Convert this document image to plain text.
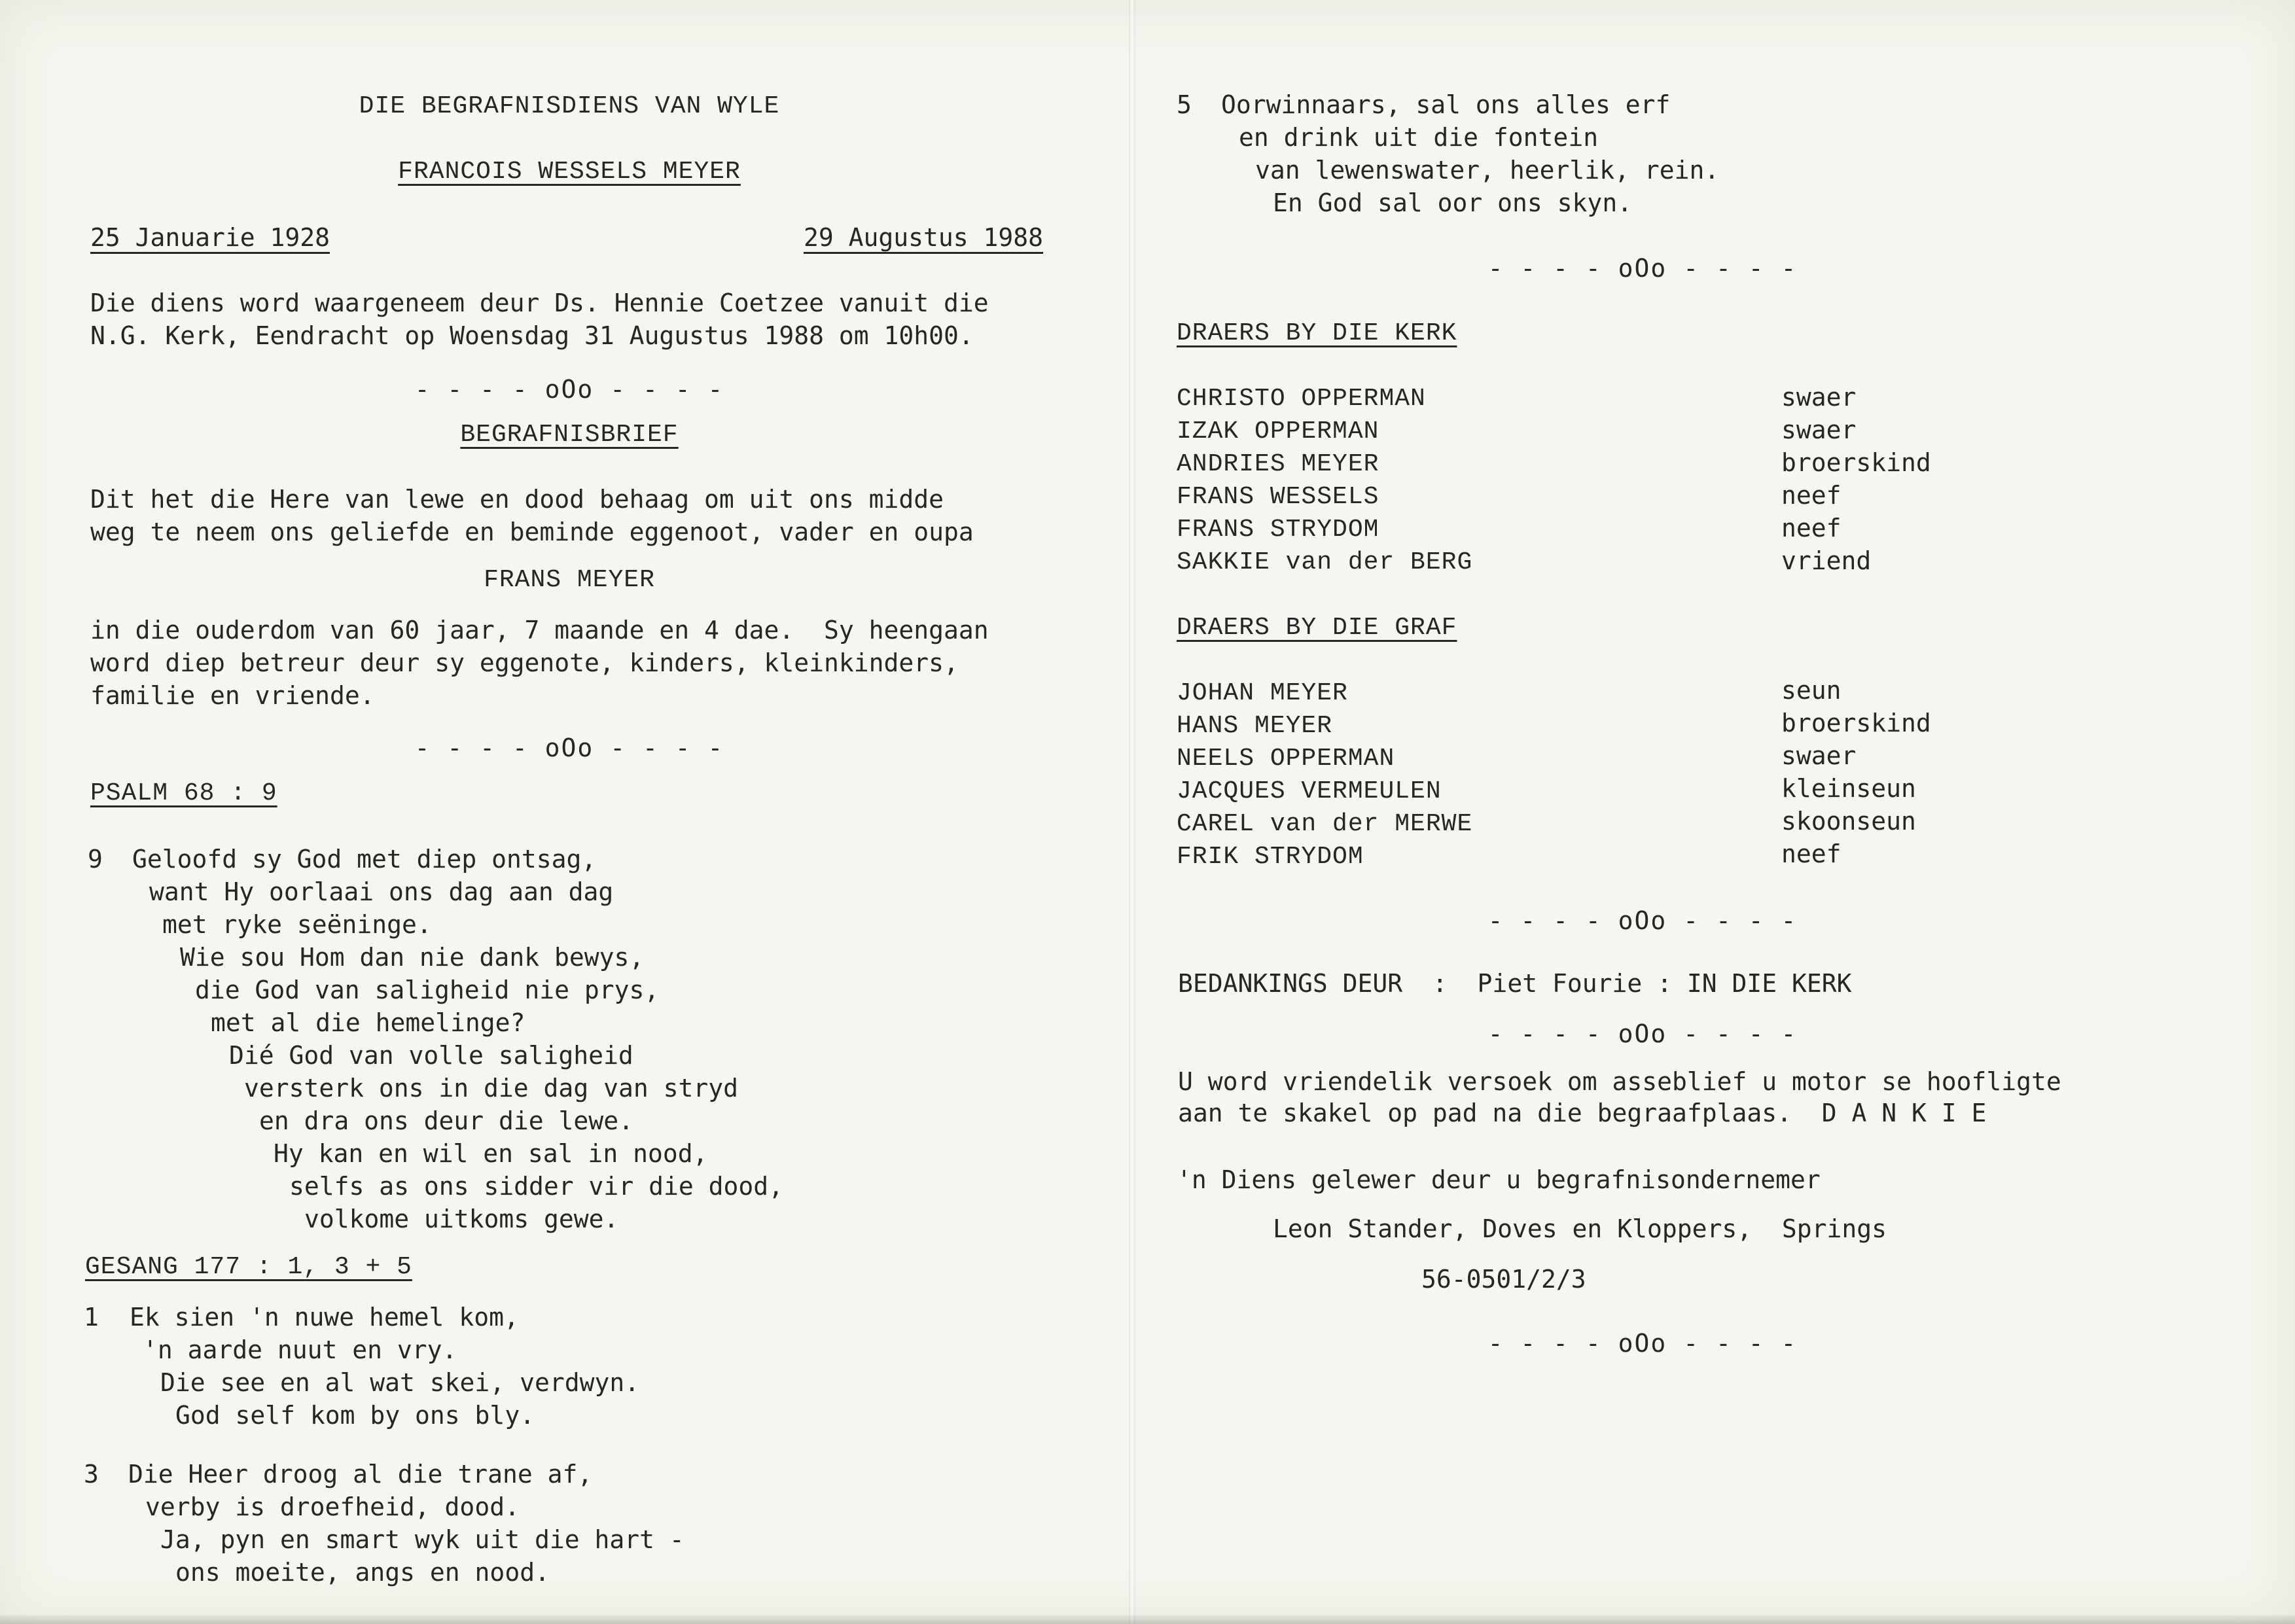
DIE BEGRAFNISDIENS VAN WYLE
FRANCOIS WESSELS MEYER
25 Januarie 1928	29 Augustus 1988
Die diens word waargeneem deur Ds. Hennie Coetzee vanuit die
N.G. Kerk, Eendracht op Woensdag 31 Augustus 1988 om 10h00.
- - - - oOo - - - -
BEGRAFNISBRIEF
Dit het die Here van lewe en dood behaag om uit ons midde
weg te neem ons geliefde en beminde eggenoot, vader en oupa
FRANS MEYER
in die ouderdom van 60 jaar, 7 maande en 4 dae.  Sy heengaan
word diep betreur deur sy eggenote, kinders, kleinkinders,
familie en vriende.
- - - - oOo - - - -
PSALM 68 : 9
9 Geloofd sy God met diep ontsag,
want Hy oorlaai ons dag aan dag
met ryke seëninge.
Wie sou Hom dan nie dank bewys,
die God van saligheid nie prys,
met al die hemelinge?
Dié God van volle saligheid
versterk ons in die dag van stryd
en dra ons deur die lewe.
Hy kan en wil en sal in nood,
selfs as ons sidder vir die dood,
volkome uitkoms gewe.
GESANG 177 : 1, 3 + 5
1 Ek sien 'n nuwe hemel kom,
'n aarde nuut en vry.
Die see en al wat skei, verdwyn.
God self kom by ons bly.
3 Die Heer droog al die trane af,
verby is droefheid, dood.
Ja, pyn en smart wyk uit die hart -
ons moeite, angs en nood.
5 Oorwinnaars, sal ons alles erf
en drink uit die fontein
van lewenswater, heerlik, rein.
En God sal oor ons skyn.
- - - - oOo - - - -
DRAERS BY DIE KERK
CHRISTO OPPERMAN	swaer
IZAK OPPERMAN	swaer
ANDRIES MEYER	broerskind
FRANS WESSELS	neef
FRANS STRYDOM	neef
SAKKIE van der BERG	vriend
DRAERS BY DIE GRAF
JOHAN MEYER	seun
HANS MEYER	broerskind
NEELS OPPERMAN	swaer
JACQUES VERMEULEN	kleinseun
CAREL van der MERWE	skoonseun
FRIK STRYDOM	neef
- - - - oOo - - - -
BEDANKINGS DEUR  :  Piet Fourie : IN DIE KERK
- - - - oOo - - - -
U word vriendelik versoek om asseblief u motor se hoofligte
aan te skakel op pad na die begraafplaas.  D A N K I E
'n Diens gelewer deur u begrafnisondernemer
Leon Stander, Doves en Kloppers,  Springs
56-0501/2/3
- - - - oOo - - - -
